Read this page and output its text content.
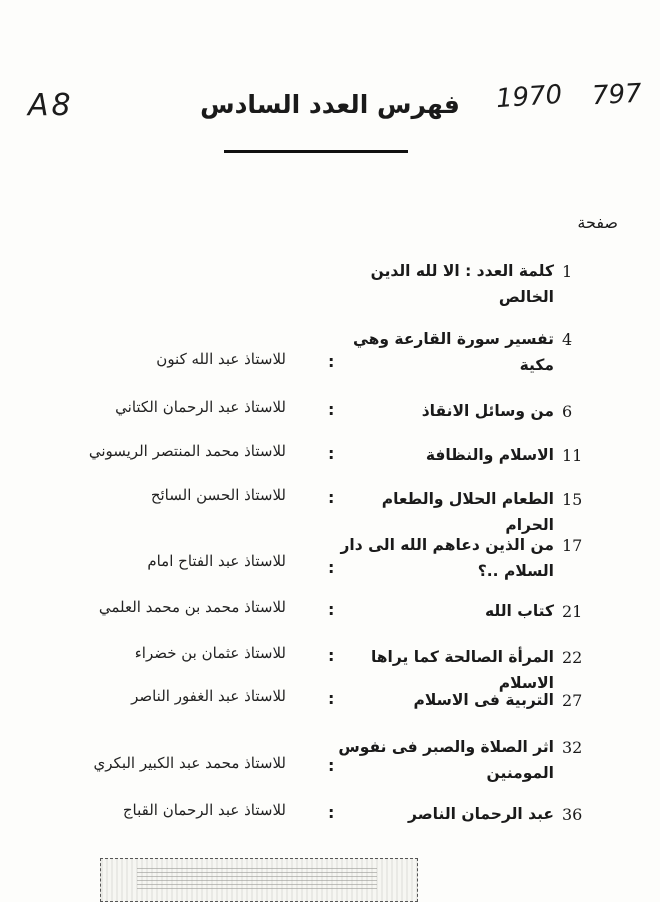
A8	1970 797
فهرس العدد السادس
صفحة
1
كلمة العدد : الا لله الدين الخالص
4
تفسير سورة القارعة وهي مكية
:
للاستاذ عبد الله كنون
6
من وسائل الانقاذ
:
للاستاذ عبد الرحمان الكتاني
11
الاسلام والنظافة
:
للاستاذ محمد المنتصر الريسوني
15
الطعام الحلال والطعام الحرام
:
للاستاذ الحسن السائح
17
من الذين دعاهم الله الى دار السلام ..؟
:
للاستاذ عبد الفتاح امام
21
كتاب الله
:
للاستاذ محمد بن محمد العلمي
22
المرأة الصالحة كما يراها الاسلام
:
للاستاذ عثمان بن خضراء
27
التربية فى الاسلام
:
للاستاذ عبد الغفور الناصر
32
اثر الصلاة والصبر فى نفوس المومنين
:
للاستاذ محمد عبد الكبير البكري
36
عبد الرحمان الناصر
:
للاستاذ عبد الرحمان القباج
